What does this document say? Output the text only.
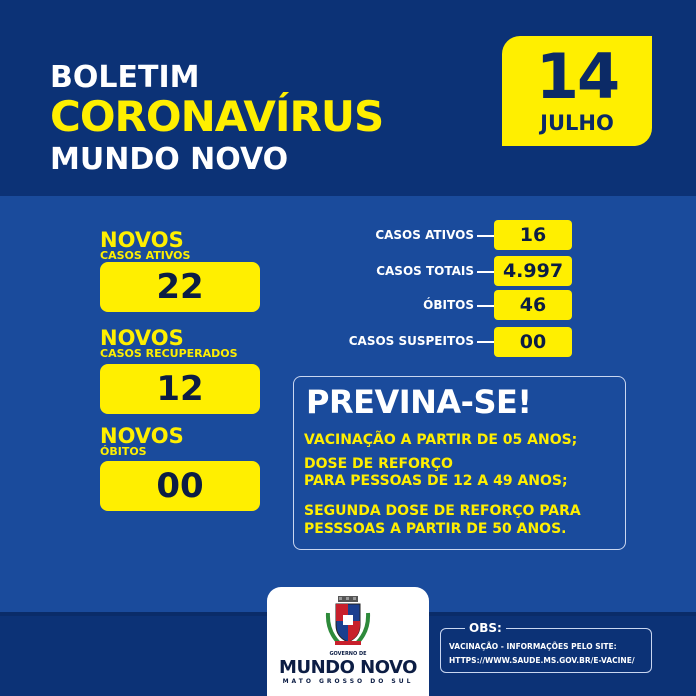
BOLETIM
CORONAVÍRUS
MUNDO NOVO
14
JULHO
NOVOS
CASOS ATIVOS
22
NOVOS
CASOS RECUPERADOS
12
NOVOS
ÓBITOS
00
CASOS ATIVOS	16
CASOS TOTAIS	4.997
ÓBITOS	46
CASOS SUSPEITOS	00
PREVINA-SE!
VACINAÇÃO A PARTIR DE 05 ANOS;
DOSE DE REFORÇO
PARA PESSOAS DE 12 A 49 ANOS;
SEGUNDA DOSE DE REFORÇO PARA
PESSSOAS A PARTIR DE 50 ANOS.
GOVERNO DE
MUNDO NOVO
MATO GROSSO DO SUL
OBS:
VACINAÇÃO - INFORMAÇÕES PELO SITE:
HTTPS://WWW.SAUDE.MS.GOV.BR/E-VACINE/
